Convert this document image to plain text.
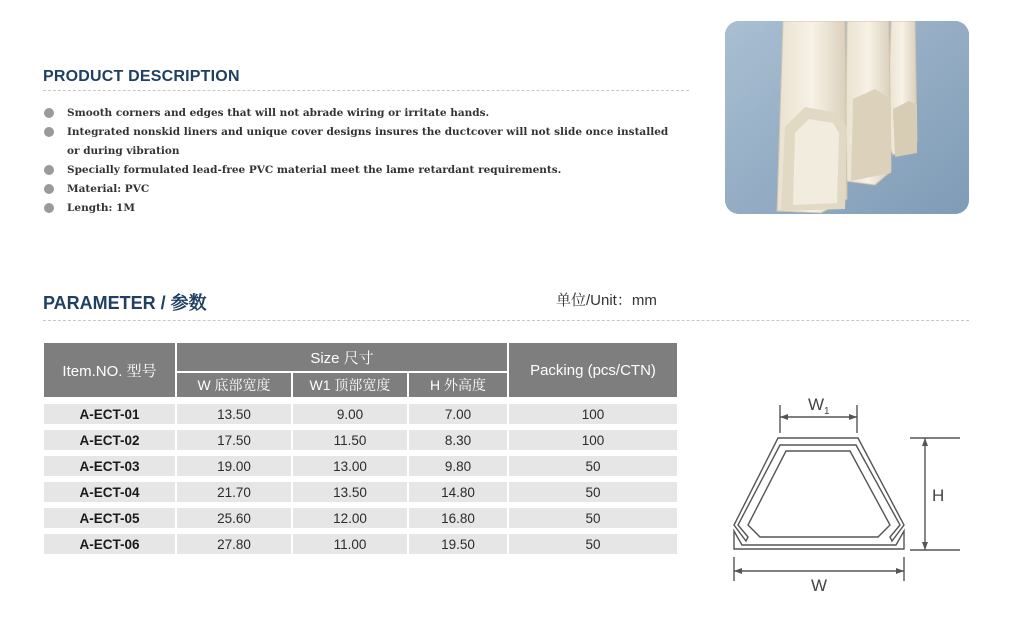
PRODUCT DESCRIPTION
Smooth corners and edges that will not abrade wiring or irritate hands.
Integrated nonskid liners and unique cover designs insures the ductcover will not slide once installed or during vibration
Specially formulated lead-free PVC material meet the lame retardant requirements.
Material: PVC
Length: 1M
PARAMETER / 参数	单位/Unit：mm
Item.NO. 型号	Size 尺寸			Packing (pcs/CTN)
	W 底部宽度	W1 顶部宽度	H 外高度	

A-ECT-01	13.50	9.00	7.00	100
A-ECT-02	17.50	11.50	8.30	100
A-ECT-03	19.00	13.00	9.80	50
A-ECT-04	21.70	13.50	14.80	50
A-ECT-05	25.60	12.00	16.80	50
A-ECT-06	27.80	11.00	19.50	50
$W_1$
H
W
